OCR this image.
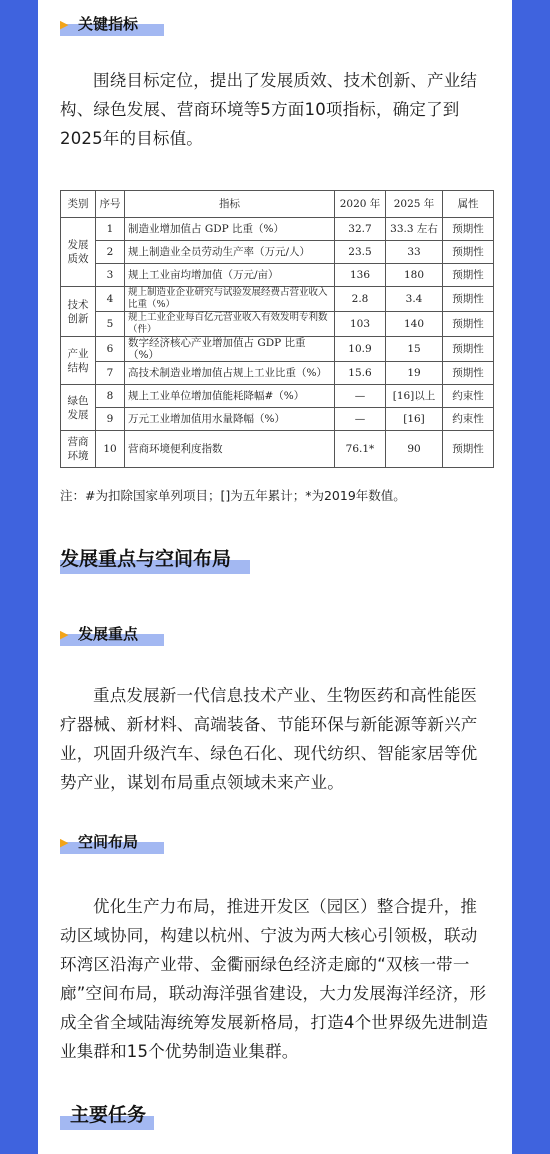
▶ 关键指标

围绕目标定位，提出了发展质效、技术创新、产业结构、绿色发展、营商环境等5方面10项指标，确定了到2025年的目标值。

类别	序号	指标	2020 年	2025 年	属性
发展质效	1	制造业增加值占 GDP 比重（%）	32.7	33.3 左右	预期性
	2	规上制造业全员劳动生产率（万元/人）	23.5	33	预期性
	3	规上工业亩均增加值（万元/亩）	136	180	预期性
技术创新	4	规上制造业企业研究与试验发展经费占营业收入比重（%）	2.8	3.4	预期性
	5	规上工业企业每百亿元营业收入有效发明专利数（件）	103	140	预期性
产业结构	6	数字经济核心产业增加值占 GDP 比重（%）	10.9	15	预期性
	7	高技术制造业增加值占规上工业比重（%）	15.6	19	预期性
绿色发展	8	规上工业单位增加值能耗降幅#（%）	—	[16]以上	约束性
	9	万元工业增加值用水量降幅（%）	—	[16]	约束性
营商环境	10	营商环境便利度指数	76.1*	90	预期性
注：#为扣除国家单列项目；[]为五年累计；*为2019年数值。
发展重点与空间布局
▶ 发展重点

重点发展新一代信息技术产业、生物医药和高性能医疗器械、新材料、高端装备、节能环保与新能源等新兴产业，巩固升级汽车、绿色石化、现代纺织、智能家居等优势产业，谋划布局重点领域未来产业。

▶ 空间布局

优化生产力布局，推进开发区（园区）整合提升，推动区域协同，构建以杭州、宁波为两大核心引领极，联动环湾区沿海产业带、金衢丽绿色经济走廊的“双核一带一廊”空间布局，联动海洋强省建设，大力发展海洋经济，形成全省全域陆海统筹发展新格局，打造4个世界级先进制造业集群和15个优势制造业集群。

主要任务
